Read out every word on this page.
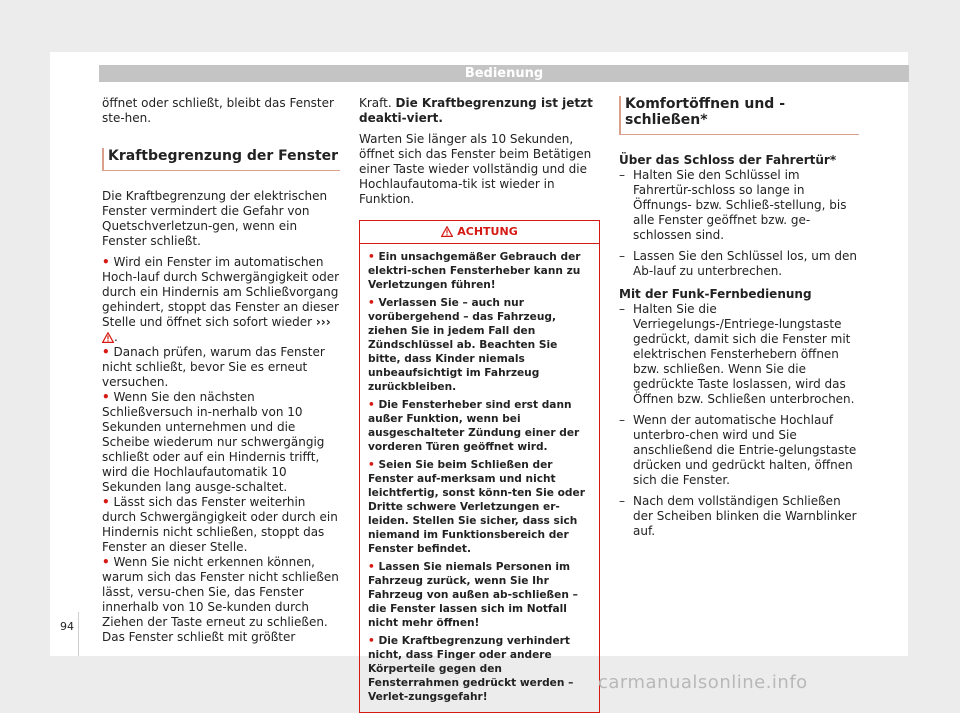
Bedienung

öffnet oder schließt, bleibt das Fenster ste-hen.

Kraftbegrenzung der Fenster

Die Kraftbegrenzung der elektrischen Fenster vermindert die Gefahr von Quetschverletzun-gen, wenn ein Fenster schließt.

• Wird ein Fenster im automatischen Hoch-lauf durch Schwergängigkeit oder durch ein Hindernis am Schließvorgang gehindert, stoppt das Fenster an dieser Stelle und öffnet sich sofort wieder ››› .

• Danach prüfen, warum das Fenster nicht schließt, bevor Sie es erneut versuchen.

• Wenn Sie den nächsten Schließversuch in-nerhalb von 10 Sekunden unternehmen und die Scheibe wiederum nur schwergängig schließt oder auf ein Hindernis trifft, wird die Hochlaufautomatik 10 Sekunden lang ausge-schaltet.

• Lässt sich das Fenster weiterhin durch Schwergängigkeit oder durch ein Hindernis nicht schließen, stoppt das Fenster an dieser Stelle.

• Wenn Sie nicht erkennen können, warum sich das Fenster nicht schließen lässt, versu-chen Sie, das Fenster innerhalb von 10 Se-kunden durch Ziehen der Taste erneut zu schließen. Das Fenster schließt mit größter

Kraft. Die Kraftbegrenzung ist jetzt deakti-viert.

Warten Sie länger als 10 Sekunden, öffnet sich das Fenster beim Betätigen einer Taste wieder vollständig und die Hochlaufautoma-tik ist wieder in Funktion.

ACHTUNG

• Ein unsachgemäßer Gebrauch der elektri-schen Fensterheber kann zu Verletzungen führen!

• Verlassen Sie – auch nur vorübergehend – das Fahrzeug, ziehen Sie in jedem Fall den Zündschlüssel ab. Beachten Sie bitte, dass Kinder niemals unbeaufsichtigt im Fahrzeug zurückbleiben.

• Die Fensterheber sind erst dann außer Funktion, wenn bei ausgeschalteter Zündung einer der vorderen Türen geöffnet wird.

• Seien Sie beim Schließen der Fenster auf-merksam und nicht leichtfertig, sonst könn-ten Sie oder Dritte schwere Verletzungen er-leiden. Stellen Sie sicher, dass sich niemand im Funktionsbereich der Fenster befindet.

• Lassen Sie niemals Personen im Fahrzeug zurück, wenn Sie Ihr Fahrzeug von außen ab-schließen – die Fenster lassen sich im Notfall nicht mehr öffnen!

• Die Kraftbegrenzung verhindert nicht, dass Finger oder andere Körperteile gegen den Fensterrahmen gedrückt werden – Verlet-zungsgefahr!

Komfortöffnen und -schließen*

Über das Schloss der Fahrertür*

– Halten Sie den Schlüssel im Fahrertür-schloss so lange in Öffnungs- bzw. Schließ-stellung, bis alle Fenster geöffnet bzw. ge-schlossen sind.

– Lassen Sie den Schlüssel los, um den Ab-lauf zu unterbrechen.

Mit der Funk-Fernbedienung

– Halten Sie die Verriegelungs-/Entriege-lungstaste gedrückt, damit sich die Fenster mit elektrischen Fensterhebern öffnen bzw. schließen. Wenn Sie die gedrückte Taste loslassen, wird das Öffnen bzw. Schließen unterbrochen.

– Wenn der automatische Hochlauf unterbro-chen wird und Sie anschließend die Entrie-gelungstaste drücken und gedrückt halten, öffnen sich die Fenster.

– Nach dem vollständigen Schließen der Scheiben blinken die Warnblinker auf.

94
carmanualsonline.info
